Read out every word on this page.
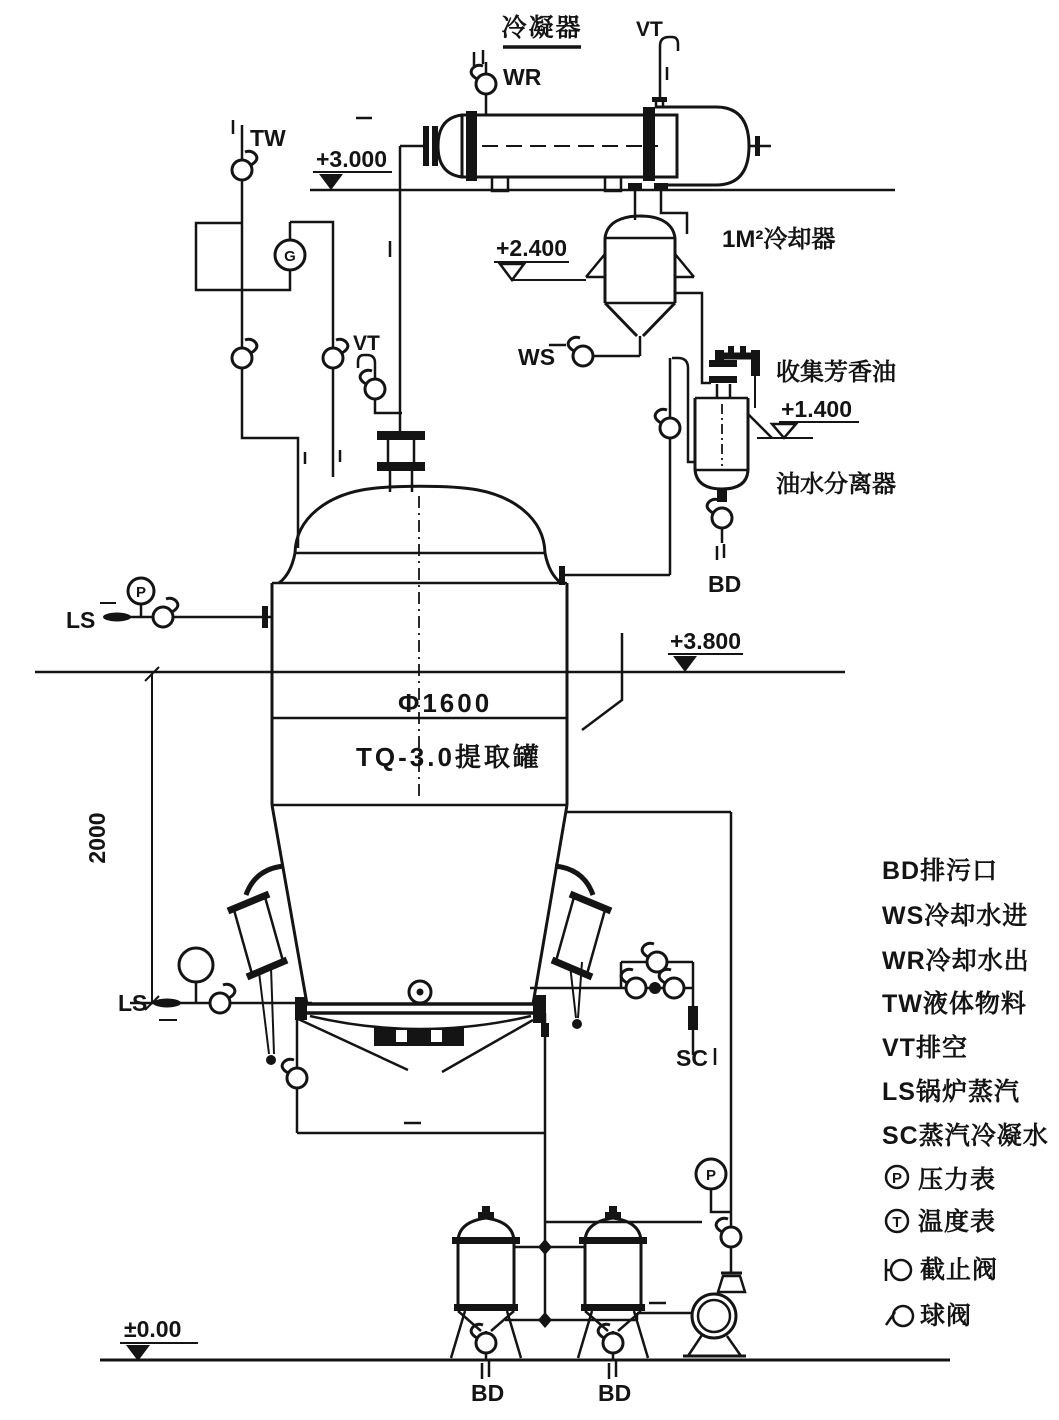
冷凝器
WR
VT
+3.000
TW
G
VT
1M²冷却器
+2.400
WS
油水分离器
收集芳香油
BD
+1.400
Φ1600
TQ-3.0提取罐
+3.800
LS
P
2000
LS
SC
P
BD	BD
±0.00
BD排污口
WS冷却水进
WR冷却水出
TW液体物料
VT排空
LS锅炉蒸汽
SC蒸汽冷凝水
P 压力表
T 温度表
截止阀
球阀
